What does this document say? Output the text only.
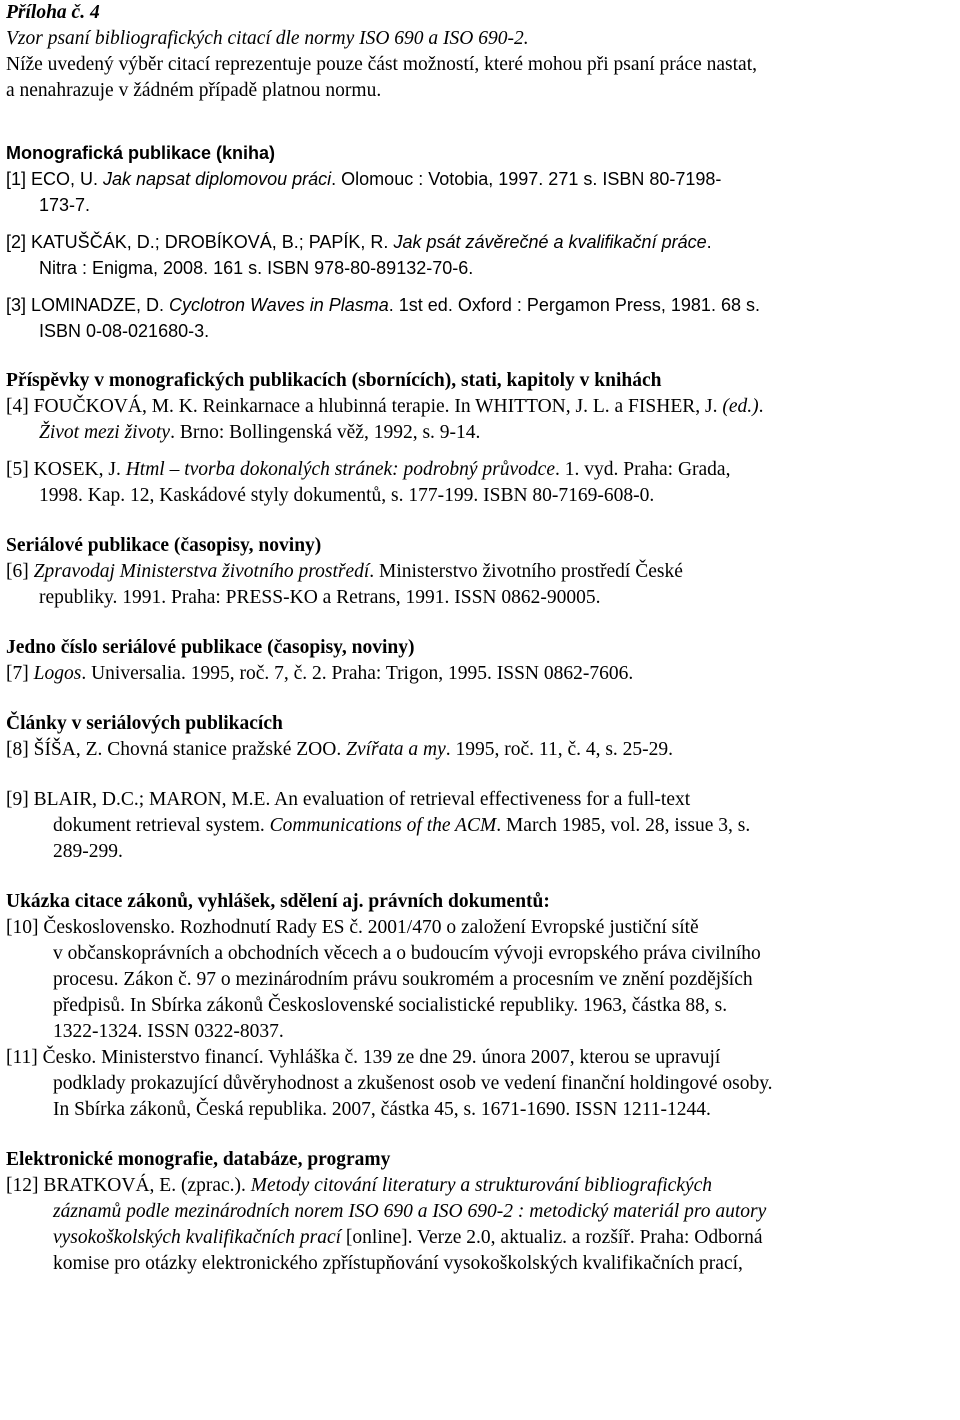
Příloha č. 4
Vzor psaní bibliografických citací dle normy ISO 690 a ISO 690-2.
Níže uvedený výběr citací reprezentuje pouze část možností, které mohou při psaní práce nastat,
a nenahrazuje v žádném případě platnou normu.
Monografická publikace (kniha)
[1] ECO, U. Jak napsat diplomovou práci. Olomouc : Votobia, 1997. 271 s. ISBN 80-7198-
173-7.
[2] KATUŠČÁK, D.; DROBÍKOVÁ, B.; PAPÍK, R. Jak psát závěrečné a kvalifikační práce.
Nitra : Enigma, 2008. 161 s. ISBN 978-80-89132-70-6.
[3] LOMINADZE, D. Cyclotron Waves in Plasma. 1st ed. Oxford : Pergamon Press, 1981. 68 s.
ISBN 0-08-021680-3.
Příspěvky v monografických publikacích (sbornících), stati, kapitoly v knihách
[4] FOUČKOVÁ, M. K. Reinkarnace a hlubinná terapie. In WHITTON, J. L. a FISHER, J. (ed.).
Život mezi životy. Brno: Bollingenská věž, 1992, s. 9-14.
[5] KOSEK, J. Html – tvorba dokonalých stránek: podrobný průvodce. 1. vyd. Praha: Grada,
1998. Kap. 12, Kaskádové styly dokumentů, s. 177-199. ISBN 80-7169-608-0.
Seriálové publikace (časopisy, noviny)
[6] Zpravodaj Ministerstva životního prostředí. Ministerstvo životního prostředí České
republiky. 1991. Praha: PRESS-KO a Retrans, 1991. ISSN 0862-90005.
Jedno číslo seriálové publikace (časopisy, noviny)
[7] Logos. Universalia. 1995, roč. 7, č. 2. Praha: Trigon, 1995. ISSN 0862-7606.
Články v seriálových publikacích
[8] ŠÍŠA, Z. Chovná stanice pražské ZOO. Zvířata a my. 1995, roč. 11, č. 4, s. 25-29.
[9] BLAIR, D.C.; MARON, M.E. An evaluation of retrieval effectiveness for a full-text
dokument retrieval system. Communications of the ACM. March 1985, vol. 28, issue 3, s.
289-299.
Ukázka citace zákonů, vyhlášek, sdělení aj. právních dokumentů:
[10] Československo. Rozhodnutí Rady ES č. 2001/470 o založení Evropské justiční sítě
v občanskoprávních a obchodních věcech a o budoucím vývoji evropského práva civilního
procesu. Zákon č. 97 o mezinárodním právu soukromém a procesním ve znění pozdějších
předpisů. In Sbírka zákonů Československé socialistické republiky. 1963, částka 88, s.
1322-1324. ISSN 0322-8037.
[11] Česko. Ministerstvo financí. Vyhláška č. 139 ze dne 29. února 2007, kterou se upravují
podklady prokazující důvěryhodnost a zkušenost osob ve vedení finanční holdingové osoby.
In Sbírka zákonů, Česká republika. 2007, částka 45, s. 1671-1690. ISSN 1211-1244.
Elektronické monografie, databáze, programy
[12] BRATKOVÁ, E. (zprac.). Metody citování literatury a strukturování bibliografických
záznamů podle mezinárodních norem ISO 690 a ISO 690-2 : metodický materiál pro autory
vysokoškolských kvalifikačních prací [online]. Verze 2.0, aktualiz. a rozšíř. Praha: Odborná
komise pro otázky elektronického zpřístupňování vysokoškolských kvalifikačních prací,
